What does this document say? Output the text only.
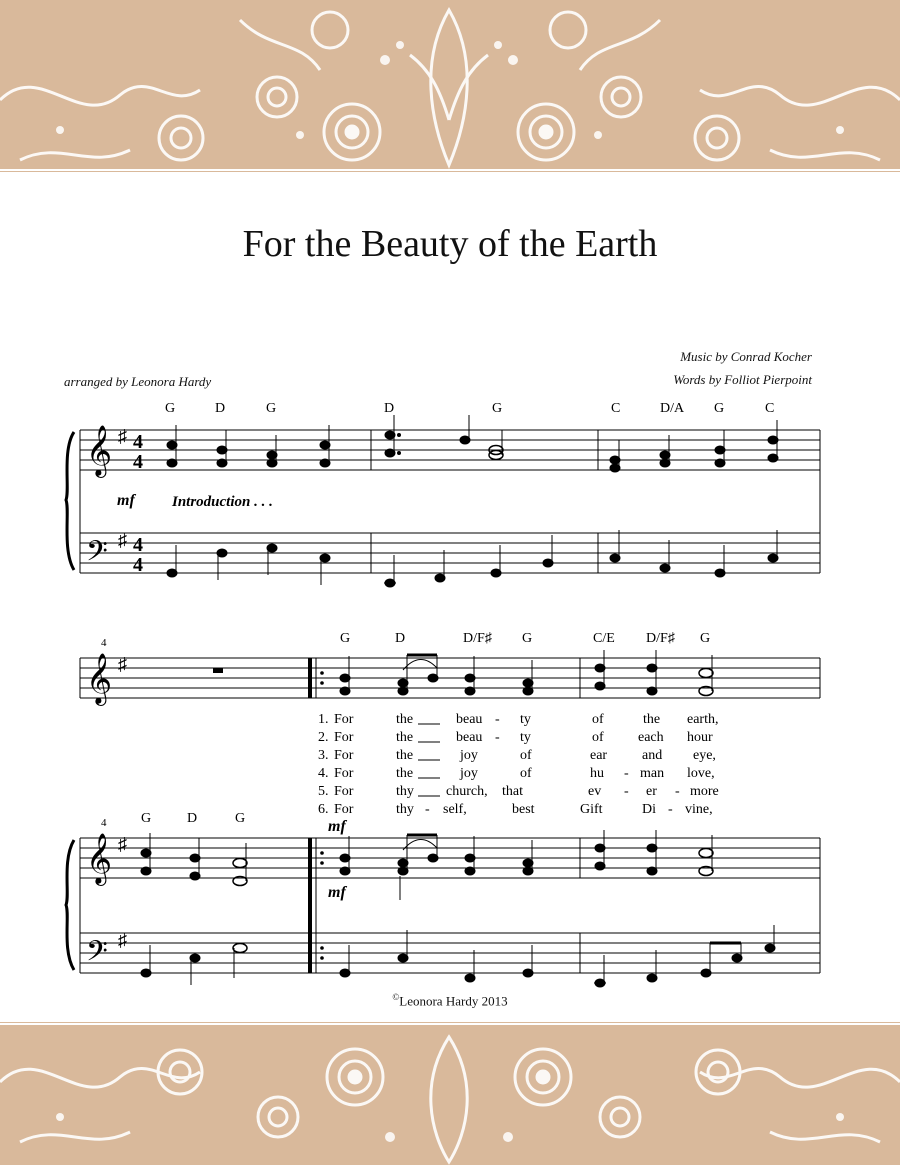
For the Beauty of the Earth
Music by Conrad Kocher
Words by Folliot Pierpoint
arranged by Leonora Hardy
𝄞
𝄢
♯
♯
4
4
4
4
G	D	G	D	G	C	D/A G	C
mf Introduction . . .
4
𝄞 ♯
G	D	D/F♯ G	C/E D/F♯ G
1. For	the	beau - ty	of	the earth,
2. For	the	beau - ty	of each hour
3. For	the	joy	of	ear and eye,
4. For	the	joy	of	hu - man love,
5. For	thy church, that	ev - er - more
6. For	thy - self,	best	Gift	Di - vine,
G	D	G	mf
4
𝄞
𝄢
♯
♯
mf
©Leonora Hardy 2013
